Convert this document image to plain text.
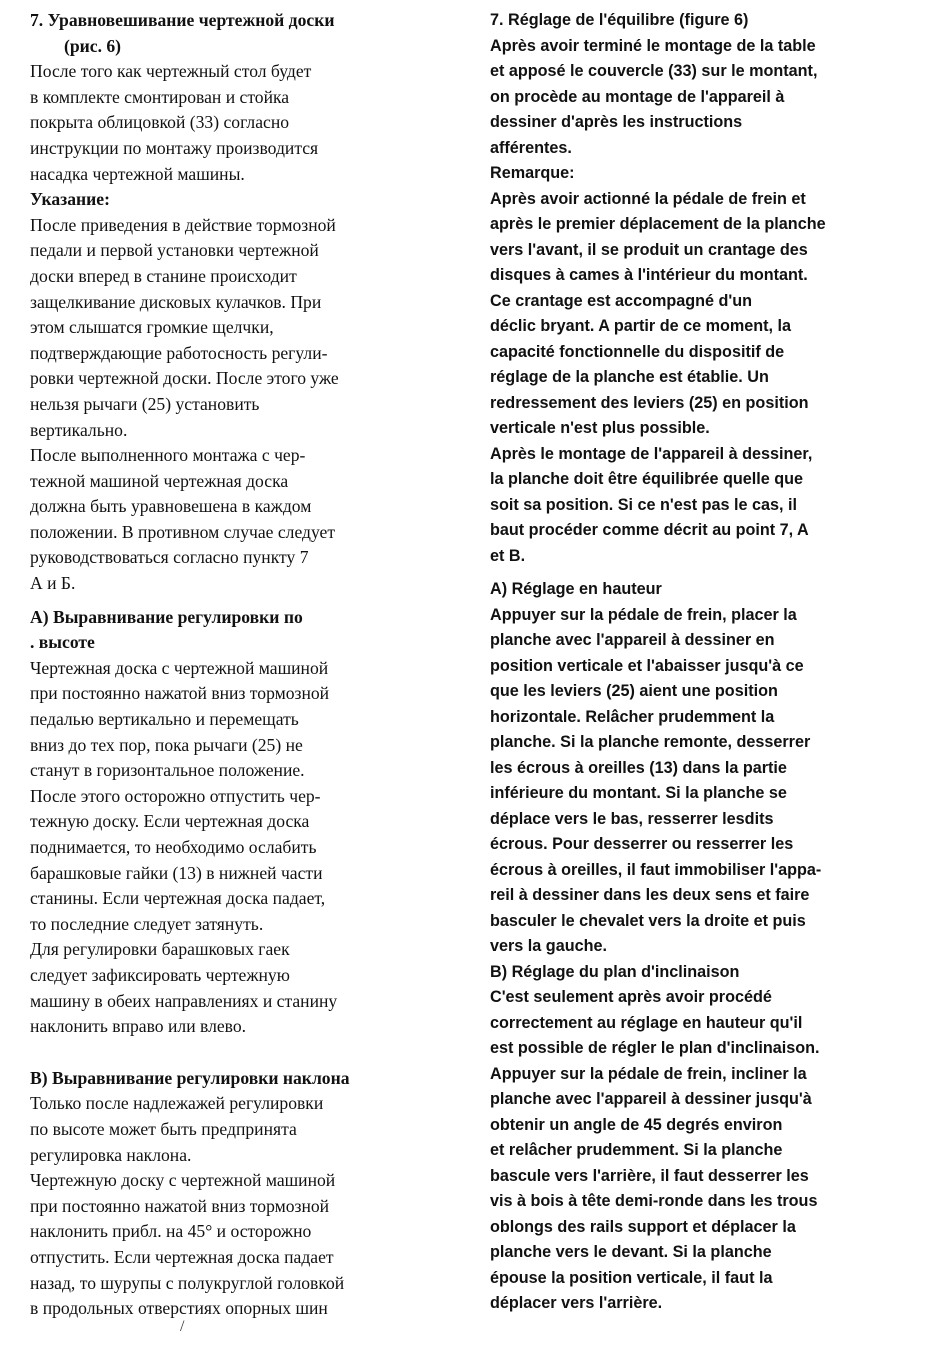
7. Уравновешивание чертежной доски
(рис. 6)
После того как чертежный стол будет
в комплекте смонтирован и стойка
покрыта облицовкой (33) согласно
инструкции по монтажу производится
насадка чертежной машины.
Указание:
После приведения в действие тормозной
педали и первой установки чертежной
доски вперед в станине происходит
защелкивание дисковых кулачков. При
этом слышатся громкие щелчки,
подтверждающие работосность регули-
ровки чертежной доски. После этого уже
нельзя рычаги (25) установить
вертикально.
После выполненного монтажа с чер-
тежной машиной чертежная доска
должна быть уравновешена в каждом
положении. В противном случае следует
руководствоваться согласно пункту 7
А и Б.
А) Выравнивание регулировки по
. высоте
Чертежная доска с чертежной машиной
при постоянно нажатой вниз тормозной
педалью вертикально и перемещать
вниз до тех пор, пока рычаги (25) не
станут в горизонтальное положение.
После этого осторожно отпустить чер-
тежную доску. Если чертежная доска
поднимается, то необходимо ослабить
барашковые гайки (13) в нижней части
станины. Если чертежная доска падает,
то последние следует затянуть.
Для регулировки барашковых гаек
следует зафиксировать чертежную
машину в обеих направлениях и станину
наклонить вправо или влево.
В) Выравнивание регулировки наклона
Только после надлежажей регулировки
по высоте может быть предпринята
регулировка наклона.
Чертежную доску с чертежной машиной
при постоянно нажатой вниз тормозной
наклонить прибл. на 45° и осторожно
отпустить. Если чертежная доска падает
назад, то шурупы с полукруглой головкой
в продольных отверстиях опорных шин
7. Réglage de l'équilibre (figure 6)
Après avoir terminé le montage de la table
et apposé le couvercle (33) sur le montant,
on procède au montage de l'appareil à
dessiner d'après les instructions
afférentes.
Remarque:
Après avoir actionné la pédale de frein et
après le premier déplacement de la planche
vers l'avant, il se produit un crantage des
disques à cames à l'intérieur du montant.
Ce crantage est accompagné d'un
déclic bryant. A partir de ce moment, la
capacité fonctionnelle du dispositif de
réglage de la planche est établie. Un
redressement des leviers (25) en position
verticale n'est plus possible.
Après le montage de l'appareil à dessiner,
la planche doit être équilibrée quelle que
soit sa position. Si ce n'est pas le cas, il
baut procéder comme décrit au point 7, A
et B.
A) Réglage en hauteur
Appuyer sur la pédale de frein, placer la
planche avec l'appareil à dessiner en
position verticale et l'abaisser jusqu'à ce
que les leviers (25) aient une position
horizontale. Relâcher prudemment la
planche. Si la planche remonte, desserrer
les écrous à oreilles (13) dans la partie
inférieure du montant. Si la planche se
déplace vers le bas, resserrer lesdits
écrous. Pour desserrer ou resserrer les
écrous à oreilles, il faut immobiliser l'appa-
reil à dessiner dans les deux sens et faire
basculer le chevalet vers la droite et puis
vers la gauche.
B) Réglage du plan d'inclinaison
C'est seulement après avoir procédé
correctement au réglage en hauteur qu'il
est possible de régler le plan d'inclinaison.
Appuyer sur la pédale de frein, incliner la
planche avec l'appareil à dessiner jusqu'à
obtenir un angle de 45 degrés environ
et relâcher prudemment. Si la planche
bascule vers l'arrière, il faut desserrer les
vis à bois à tête demi-ronde dans les trous
oblongs des rails support et déplacer la
planche vers le devant. Si la planche
épouse la position verticale, il faut la
déplacer vers l'arrière.
/
